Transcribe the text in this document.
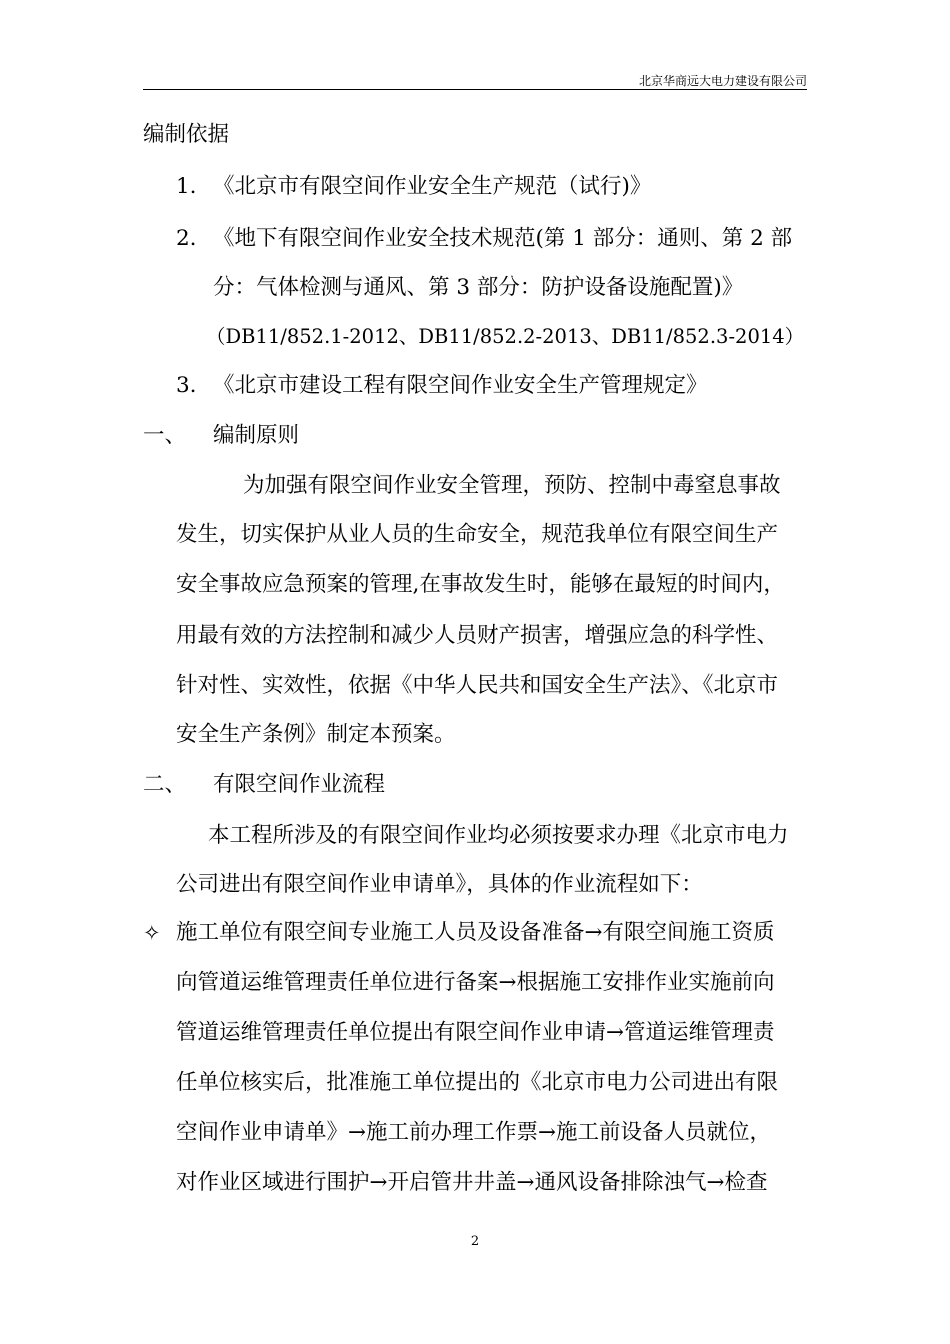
北京华商远大电力建设有限公司
编制依据
1. 《北京市有限空间作业安全生产规范（试行)》
2. 《地下有限空间作业安全技术规范(第 1 部分：通则、第 2 部
分：气体检测与通风、第 3 部分：防护设备设施配置)》
（DB11/852.1-2012、DB11/852.2-2013、DB11/852.3-2014）
3. 《北京市建设工程有限空间作业安全生产管理规定》
一、 编制原则
为加强有限空间作业安全管理，预防、控制中毒窒息事故
发生，切实保护从业人员的生命安全，规范我单位有限空间生产
安全事故应急预案的管理,在事故发生时，能够在最短的时间内，
用最有效的方法控制和减少人员财产损害，增强应急的科学性、
针对性、实效性，依据《中华人民共和国安全生产法》、《北京市
安全生产条例》制定本预案。
二、 有限空间作业流程
本工程所涉及的有限空间作业均必须按要求办理《北京市电力
公司进出有限空间作业申请单》，具体的作业流程如下：
✧ 施工单位有限空间专业施工人员及设备准备→有限空间施工资质
向管道运维管理责任单位进行备案→根据施工安排作业实施前向
管道运维管理责任单位提出有限空间作业申请→管道运维管理责
任单位核实后，批准施工单位提出的《北京市电力公司进出有限
空间作业申请单》→施工前办理工作票→施工前设备人员就位，
对作业区域进行围护→开启管井井盖→通风设备排除浊气→检查
2
